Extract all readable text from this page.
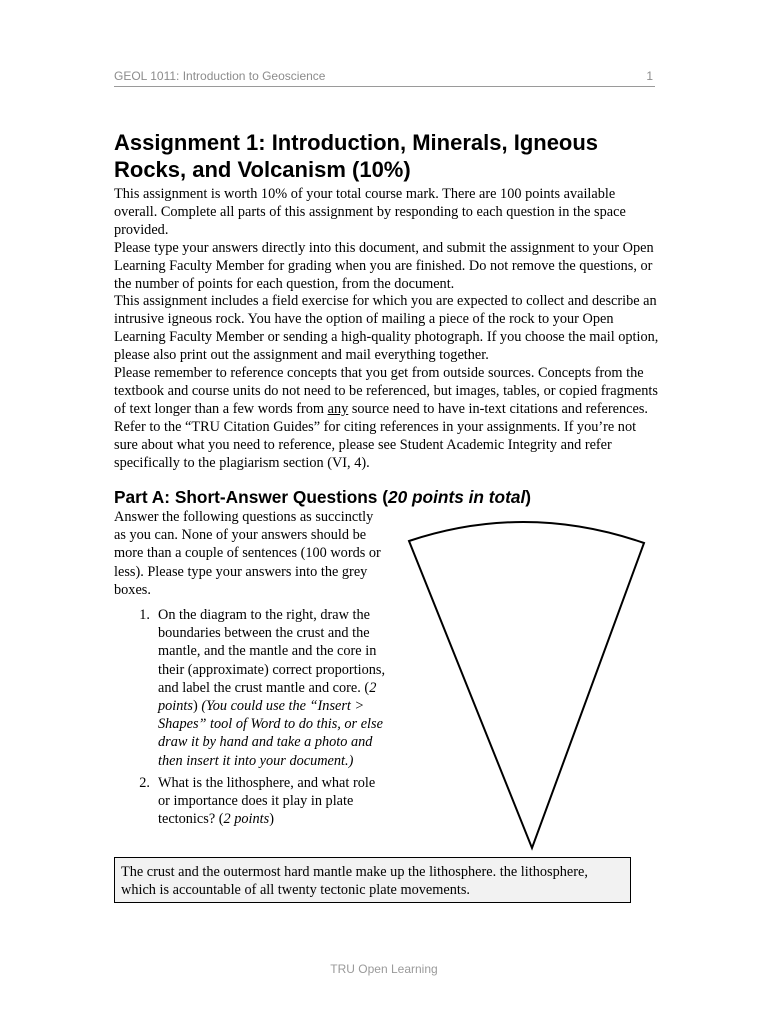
GEOL 1011: Introduction to Geoscience	1
Assignment 1: Introduction, Minerals, Igneous Rocks, and Volcanism (10%)

This assignment is worth 10% of your total course mark. There are 100 points available overall. Complete all parts of this assignment by responding to each question in the space provided.

Please type your answers directly into this document, and submit the assignment to your Open Learning Faculty Member for grading when you are finished. Do not remove the questions, or the number of points for each question, from the document.

This assignment includes a field exercise for which you are expected to collect and describe an intrusive igneous rock. You have the option of mailing a piece of the rock to your Open Learning Faculty Member or sending a high-quality photograph. If you choose the mail option, please also print out the assignment and mail everything together.

Please remember to reference concepts that you get from outside sources. Concepts from the textbook and course units do not need to be referenced, but images, tables, or copied fragments of text longer than a few words from any source need to have in-text citations and references. Refer to the “TRU Citation Guides” for citing references in your assignments. If you’re not sure about what you need to reference, please see Student Academic Integrity and refer specifically to the plagiarism section (VI, 4).

Part A: Short-Answer Questions (20 points in total)

Answer the following questions as succinctly as you can. None of your answers should be more than a couple of sentences (100 words or less). Please type your answers into the grey boxes.

1. On the diagram to the right, draw the boundaries between the crust and the mantle, and the mantle and the core in their (approximate) correct proportions, and label the crust mantle and core. (2 points) (You could use the “Insert > Shapes” tool of Word to do this, or else draw it by hand and take a photo and then insert it into your document.)
2. What is the lithosphere, and what role or importance does it play in plate tectonics? (2 points)
The crust and the outermost hard mantle make up the lithosphere. the lithosphere, which is accountable of all twenty tectonic plate movements.
TRU Open Learning
